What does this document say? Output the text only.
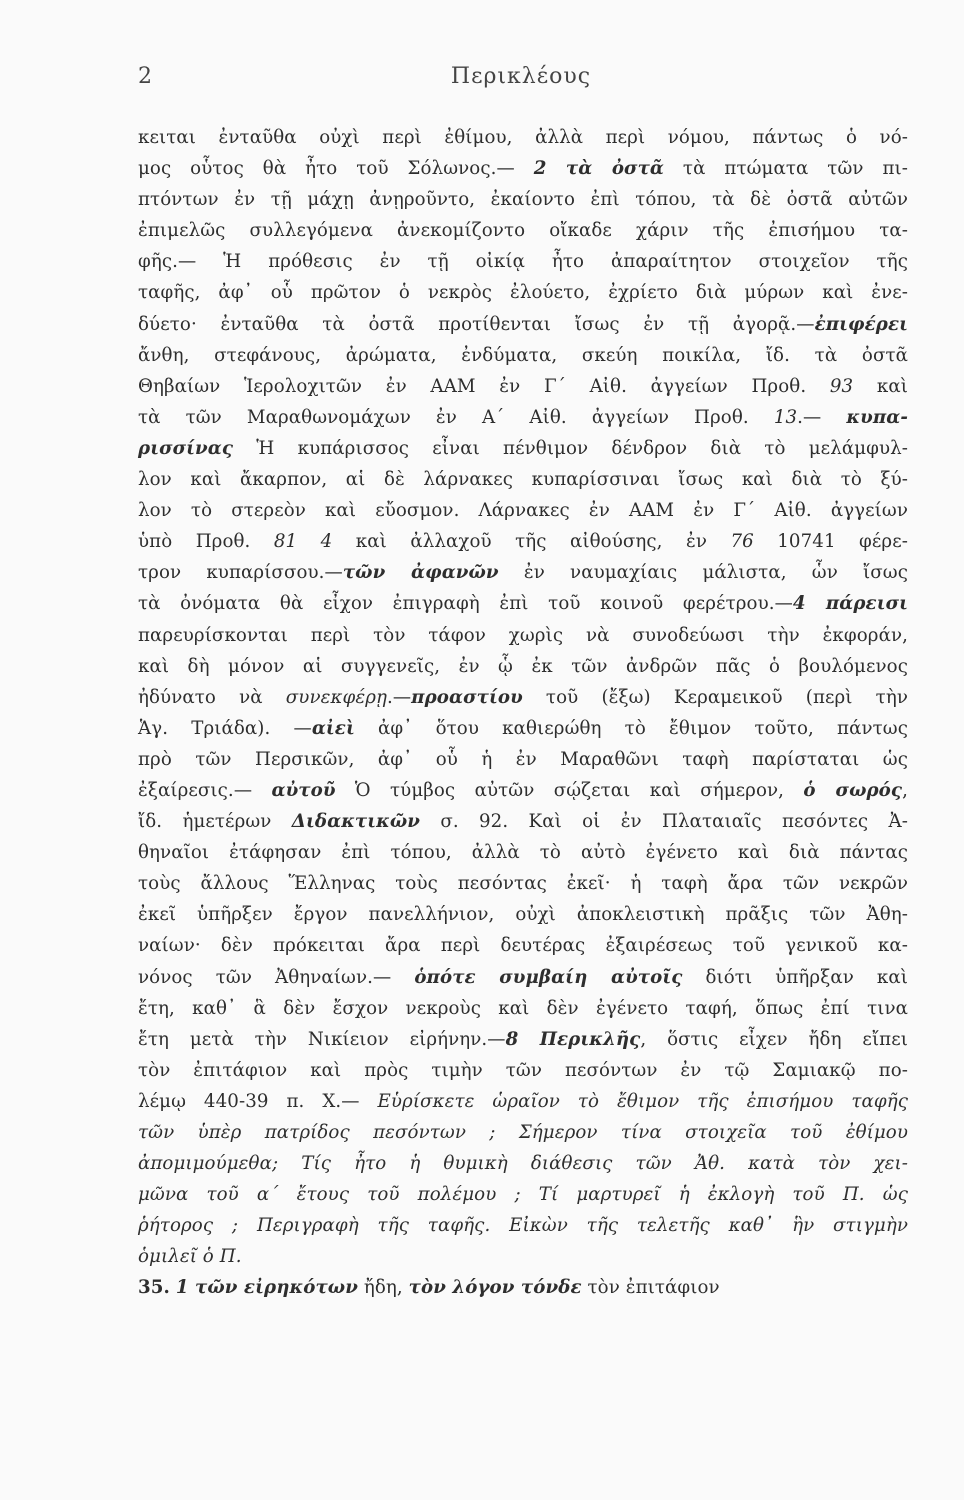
2	Περικλέους
κειται ἐνταῦθα οὐχὶ περὶ ἐθίμου, ἀλλὰ περὶ νόμου, πάντως ὁ νό-
μος οὗτος θὰ ἦτο τοῦ Σόλωνος.— 2 τὰ ὀστᾶ τὰ πτώματα τῶν πι-
πτόντων ἐν τῇ μάχῃ ἀνῃροῦντο, ἐκαίοντο ἐπὶ τόπου, τὰ δὲ ὀστᾶ αὐτῶν
ἐπιμελῶς συλλεγόμενα ἀνεκομίζοντο οἴκαδε χάριν τῆς ἐπισήμου τα-
φῆς.— Ἡ πρόθεσις ἐν τῇ οἰκίᾳ ἦτο ἀπαραίτητον στοιχεῖον τῆς
ταφῆς, ἀφ᾽ οὗ πρῶτον ὁ νεκρὸς ἐλούετο, ἐχρίετο διὰ μύρων καὶ ἐνε-
δύετο· ἐνταῦθα τὰ ὀστᾶ προτίθενται ἴσως ἐν τῇ ἀγορᾷ.—ἐπιφέρει
ἄνθη, στεφάνους, ἀρώματα, ἐνδύματα, σκεύη ποικίλα, ἴδ. τὰ ὀστᾶ
Θηβαίων Ἱερολοχιτῶν ἐν ΑΑΜ ἐν Γ΄ Αἰθ. ἀγγείων Προθ. 93 καὶ
τὰ τῶν Μαραθωνομάχων ἐν Α΄ Αἰθ. ἀγγείων Προθ. 13.— κυπα-
ρισσίνας Ἡ κυπάρισσος εἶναι πένθιμον δένδρον διὰ τὸ μελάμφυλ-
λον καὶ ἄκαρπον, αἱ δὲ λάρνακες κυπαρίσσιναι ἴσως καὶ διὰ τὸ ξύ-
λον τὸ στερεὸν καὶ εὔοσμον. Λάρνακες ἐν ΑΑΜ ἐν Γ΄ Αἰθ. ἀγγείων
ὑπὸ Προθ. 81 4 καὶ ἀλλαχοῦ τῆς αἰθούσης, ἐν 76 10741 φέρε-
τρον κυπαρίσσου.—τῶν ἀφανῶν ἐν ναυμαχίαις μάλιστα, ὧν ἴσως
τὰ ὀνόματα θὰ εἶχον ἐπιγραφὴ ἐπὶ τοῦ κοινοῦ φερέτρου.—4 πάρεισι
παρευρίσκονται περὶ τὸν τάφον χωρὶς νὰ συνοδεύωσι τὴν ἐκφοράν,
καὶ δὴ μόνον αἱ συγγενεῖς, ἐν ᾧ ἐκ τῶν ἀνδρῶν πᾶς ὁ βουλόμενος
ἠδύνατο νὰ συνεκφέρῃ.—προαστίου τοῦ (ἔξω) Κεραμεικοῦ (περὶ τὴν
Ἁγ. Τριάδα). —αἰεὶ ἀφ᾽ ὅτου καθιερώθη τὸ ἔθιμον τοῦτο, πάντως
πρὸ τῶν Περσικῶν, ἀφ᾽ οὗ ἡ ἐν Μαραθῶνι ταφὴ παρίσταται ὡς
ἐξαίρεσις.— αὐτοῦ Ὁ τύμβος αὐτῶν σῴζεται καὶ σήμερον, ὁ σωρός,
ἴδ. ἡμετέρων Διδακτικῶν σ. 92. Καὶ οἱ ἐν Πλαταιαῖς πεσόντες Ἀ-
θηναῖοι ἐτάφησαν ἐπὶ τόπου, ἀλλὰ τὸ αὐτὸ ἐγένετο καὶ διὰ πάντας
τοὺς ἄλλους Ἕλληνας τοὺς πεσόντας ἐκεῖ· ἡ ταφὴ ἄρα τῶν νεκρῶν
ἐκεῖ ὑπῆρξεν ἔργον πανελλήνιον, οὐχὶ ἀποκλειστικὴ πρᾶξις τῶν Ἀθη-
ναίων· δὲν πρόκειται ἄρα περὶ δευτέρας ἐξαιρέσεως τοῦ γενικοῦ κα-
νόνος τῶν Ἀθηναίων.— ὁπότε συμβαίη αὐτοῖς διότι ὑπῆρξαν καὶ
ἔτη, καθ᾽ ἃ δὲν ἔσχον νεκροὺς καὶ δὲν ἐγένετο ταφή, ὅπως ἐπί τινα
ἔτη μετὰ τὴν Νικίειον εἰρήνην.—8 Περικλῆς, ὅστις εἶχεν ἤδη εἴπει
τὸν ἐπιτάφιον καὶ πρὸς τιμὴν τῶν πεσόντων ἐν τῷ Σαμιακῷ πο-
λέμῳ 440-39 π. Χ.— Εὑρίσκετε ὡραῖον τὸ ἔθιμον τῆς ἐπισήμου ταφῆς
τῶν ὑπὲρ πατρίδος πεσόντων ; Σήμερον τίνα στοιχεῖα τοῦ ἐθίμου
ἀπομιμούμεθα; Τίς ἦτο ἡ θυμικὴ διάθεσις τῶν Ἀθ. κατὰ τὸν χει-
μῶνα τοῦ α΄ ἔτους τοῦ πολέμου ; Τί μαρτυρεῖ ἡ ἐκλογὴ τοῦ Π. ὡς
ῥήτορος ; Περιγραφὴ τῆς ταφῆς. Εἰκὼν τῆς τελετῆς καθ᾽ ἣν στιγμὴν
ὁμιλεῖ ὁ Π.
35. 1 τῶν εἰρηκότων ἤδη, τὸν λόγον τόνδε τὸν ἐπιτάφιον
